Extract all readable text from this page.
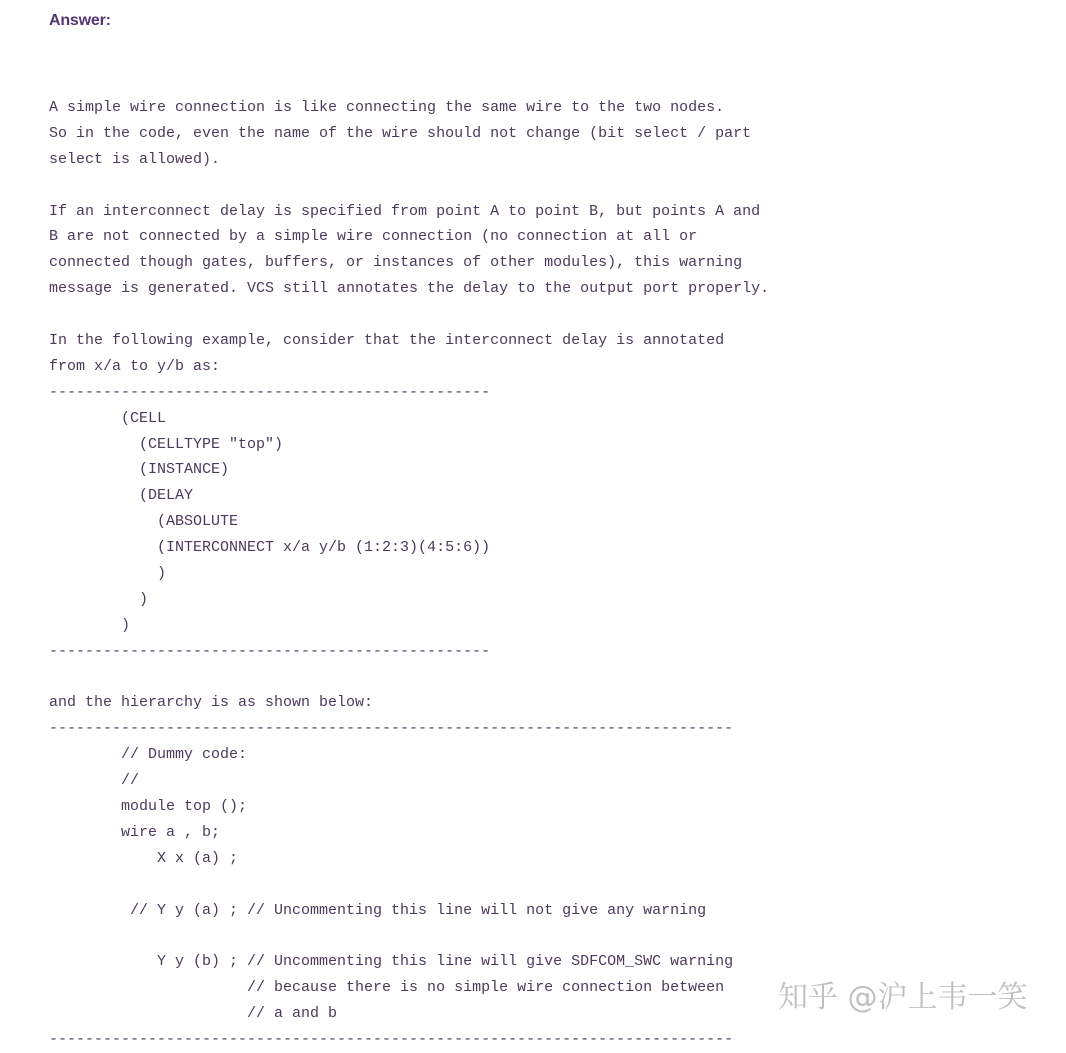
Answer:
A simple wire connection is like connecting the same wire to the two nodes.
So in the code, even the name of the wire should not change (bit select / part
select is allowed).
If an interconnect delay is specified from point A to point B, but points A and
B are not connected by a simple wire connection (no connection at all or
connected though gates, buffers, or instances of other modules), this warning
message is generated. VCS still annotates the delay to the output port properly.
In the following example, consider that the interconnect delay is annotated
from x/a to y/b as:
-------------------------------------------------
(CELL
(CELLTYPE "top")
(INSTANCE)
(DELAY
(ABSOLUTE
(INTERCONNECT x/a y/b (1:2:3)(4:5:6))
)
)
)
-------------------------------------------------
and the hierarchy is as shown below:
----------------------------------------------------------------------------
// Dummy code:
//
module top ();
wire a , b;
X x (a) ;
// Y y (a) ; // Uncommenting this line will not give any warning
Y y (b) ; // Uncommenting this line will give SDFCOM_SWC warning
// because there is no simple wire connection between
// a and b
----------------------------------------------------------------------------
知乎 @沪上韦一笑
